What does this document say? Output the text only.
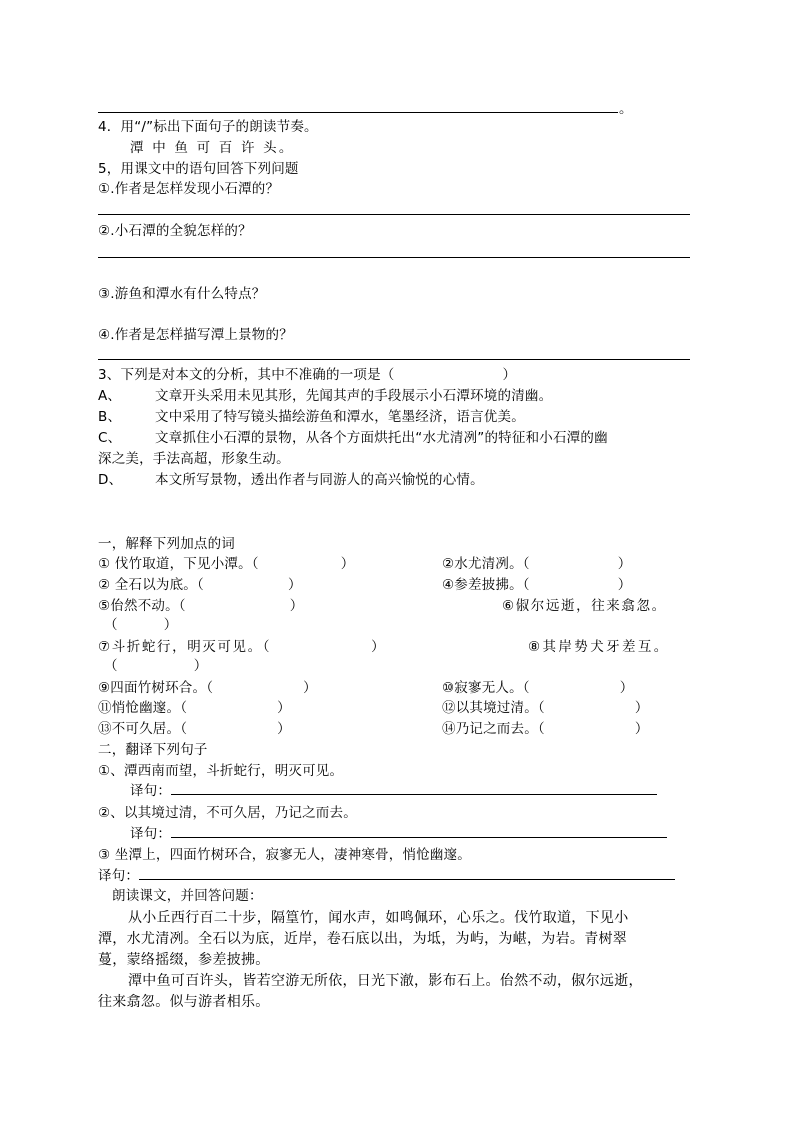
。
4．用“/”标出下面句子的朗读节奏。
潭 中 鱼 可 百 许 头。
5，用课文中的语句回答下列问题
①.作者是怎样发现小石潭的？
②.小石潭的全貌怎样的？
③.游鱼和潭水有什么特点？
④.作者是怎样描写潭上景物的？
3、下列是对本文的分析，其中不准确的一项是（	）
A、	文章开头采用未见其形，先闻其声的手段展示小石潭环境的清幽。
B、	文中采用了特写镜头描绘游鱼和潭水，笔墨经济，语言优美。
C、 文章抓住小石潭的景物，从各个方面烘托出“水尤清冽”的特征和小石潭的幽
深之美，手法高超，形象生动。
D、 本文所写景物，透出作者与同游人的高兴愉悦的心情。
一，解释下列加点的词
① 伐竹取道，下见小潭。（	）	②水尤清冽。（	）
② 全石以为底。（	）	④参差披拂。（	）
⑤佁然不动。（	）	⑥俶尔远逝，往来翕忽。
（	）
⑦斗折蛇行，明灭可见。（	）	⑧其岸势犬牙差互。
（	）
⑨四面竹树环合。（	）	⑩寂寥无人。（	）
⑪悄怆幽邃。（	）	⑫以其境过清。（	）
⑬不可久居。（	）	⑭乃记之而去。（	）
二，翻译下列句子
①、潭西南而望，斗折蛇行，明灭可见。
译句：
②、以其境过清，不可久居，乃记之而去。
译句：
③ 坐潭上，四面竹树环合，寂寥无人，凄神寒骨，悄怆幽邃。
译句：
朗读课文，并回答问题：
从小丘西行百二十步，隔篁竹，闻水声，如鸣佩环，心乐之。伐竹取道，下见小
潭，水尤清冽。全石以为底，近岸，卷石底以出，为坻，为屿，为嵁，为岩。青树翠
蔓，蒙络摇缀，参差披拂。
潭中鱼可百许头，皆若空游无所依，日光下澈，影布石上。佁然不动，俶尔远逝，
往来翕忽。似与游者相乐。
